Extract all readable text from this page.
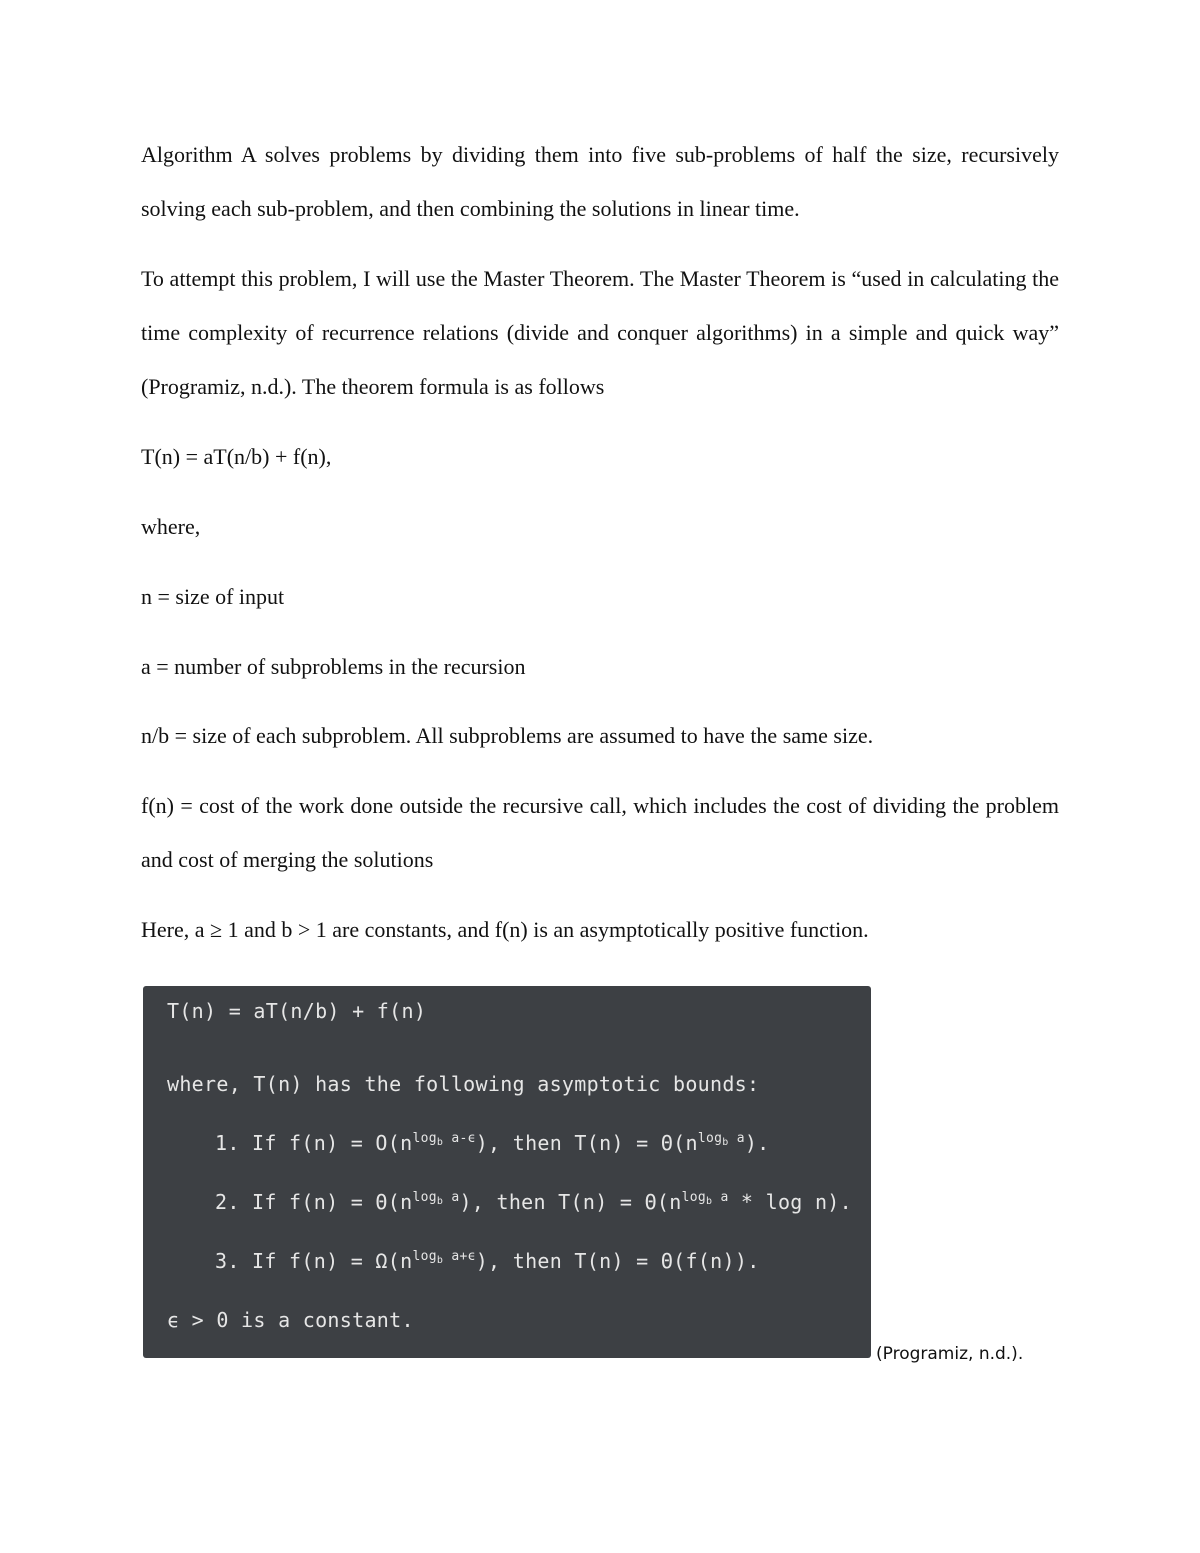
Algorithm A solves problems by dividing them into five sub-problems of half the size, recursively solving each sub-problem, and then combining the solutions in linear time.

To attempt this problem, I will use the Master Theorem. The Master Theorem is “used in calculating the time complexity of recurrence relations (divide and conquer algorithms) in a simple and quick way” (Programiz, n.d.). The theorem formula is as follows

T(n) = aT(n/b) + f(n),

where,

n = size of input

a = number of subproblems in the recursion

n/b = size of each subproblem. All subproblems are assumed to have the same size.

f(n) = cost of the work done outside the recursive call, which includes the cost of dividing the problem and cost of merging the solutions

Here, a ≥ 1 and b > 1 are constants, and f(n) is an asymptotically positive function.

T(n) = aT(n/b) + f(n)
where, T(n) has the following asymptotic bounds:
1. If $f(n) = O(n^{log_b a-\epsilon})$, then $T(n) = \Theta(n^{log_b a})$.
2. If $f(n) = \Theta(n^{log_b a})$, then $T(n) = \Theta(n^{log_b a} * \log n)$.
3. If $f(n) = \Omega(n^{log_b a+\epsilon})$, then T(n) = Θ(f(n)).
ϵ > 0 is a constant.
(Programiz, n.d.).
